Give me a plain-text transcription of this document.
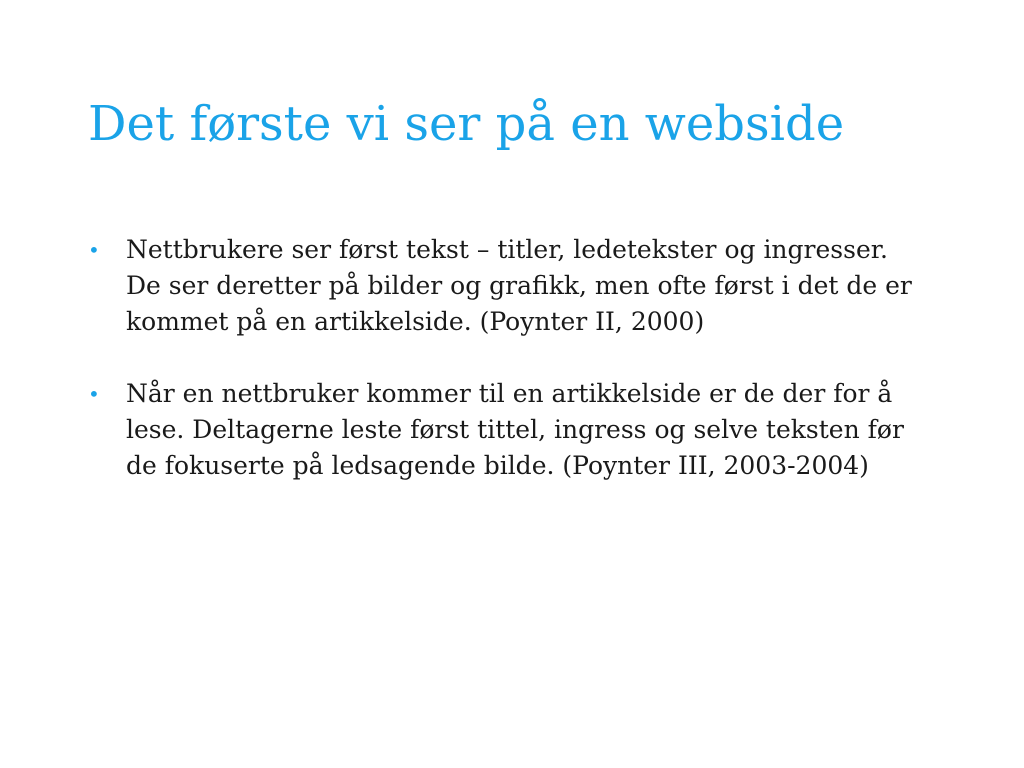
Det første vi ser på en webside
•	Nettbrukere ser først tekst – titler, ledetekster og ingresser. De ser deretter på bilder og grafikk, men ofte først i det de er kommet på en artikkelside. (Poynter II, 2000)
•	Når en nettbruker kommer til en artikkelside er de der for å lese. Deltagerne leste først tittel, ingress og selve teksten før de fokuserte på ledsagende bilde. (Poynter III, 2003-2004)
